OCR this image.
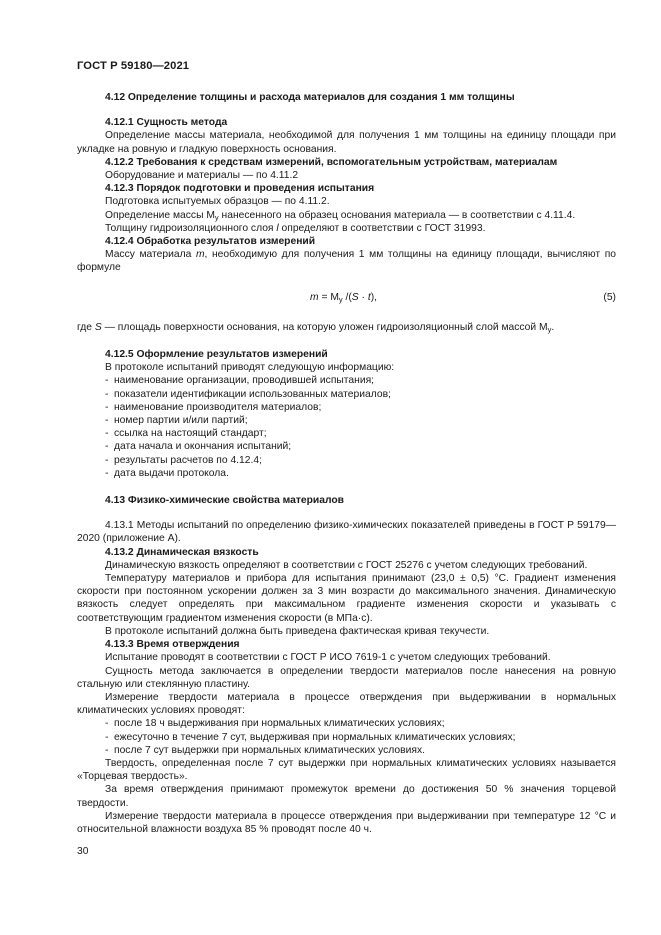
ГОСТ Р 59180—2021

4.12 Определение толщины и расхода материалов для создания 1 мм толщины

4.12.1 Сущность метода

Определение массы материала, необходимой для получения 1 мм толщины на единицу площади при укладке на ровную и гладкую поверхность основания.

4.12.2 Требования к средствам измерений, вспомогательным устройствам, материалам

Оборудование и материалы — по 4.11.2

4.12.3 Порядок подготовки и проведения испытания

Подготовка испытуемых образцов — по 4.11.2.

Определение массы $M_у$ нанесенного на образец основания материала — в соответствии с 4.11.4.

Толщину гидроизоляционного слоя l определяют в соответствии с ГОСТ 31993.

4.12.4 Обработка результатов измерений

Массу материала m, необходимую для получения 1 мм толщины на единицу площади, вычисляют по формуле

$m = M_у$ /(S · t),	(5)

где S — площадь поверхности основания, на которую уложен гидроизоляционный слой массой $M_у$.

4.12.5 Оформление результатов измерений

В протоколе испытаний приводят следующую информацию:

- наименование организации, проводившей испытания;
- показатели идентификации использованных материалов;
- наименование производителя материалов;
- номер партии и/или партий;
- ссылка на настоящий стандарт;
- дата начала и окончания испытаний;
- результаты расчетов по 4.12.4;
- дата выдачи протокола.

4.13 Физико-химические свойства материалов

4.13.1 Методы испытаний по определению физико-химических показателей приведены в ГОСТ Р 59179—2020 (приложение А).

4.13.2 Динамическая вязкость

Динамическую вязкость определяют в соответствии с ГОСТ 25276 с учетом следующих требований.

Температуру материалов и прибора для испытания принимают (23,0 ± 0,5) °C. Градиент изменения скорости при постоянном ускорении должен за 3 мин возрасти до максимального значения. Динамическую вязкость следует определять при максимальном градиенте изменения скорости и указывать с соответствующим градиентом изменения скорости (в МПа·с).

В протоколе испытаний должна быть приведена фактическая кривая текучести.

4.13.3 Время отверждения

Испытание проводят в соответствии с ГОСТ Р ИСО 7619-1 с учетом следующих требований.

Сущность метода заключается в определении твердости материалов после нанесения на ровную стальную или стеклянную пластину.

Измерение твердости материала в процессе отверждения при выдерживании в нормальных климатических условиях проводят:

- после 18 ч выдерживания при нормальных климатических условиях;
- ежесуточно в течение 7 сут, выдерживая при нормальных климатических условиях;
- после 7 сут выдержки при нормальных климатических условиях.

Твердость, определенная после 7 сут выдержки при нормальных климатических условиях называется «Торцевая твердость».

За время отверждения принимают промежуток времени до достижения 50 % значения торцевой твердости.

Измерение твердости материала в процессе отверждения при выдерживании при температуре 12 °C и относительной влажности воздуха 85 % проводят после 40 ч.

30
